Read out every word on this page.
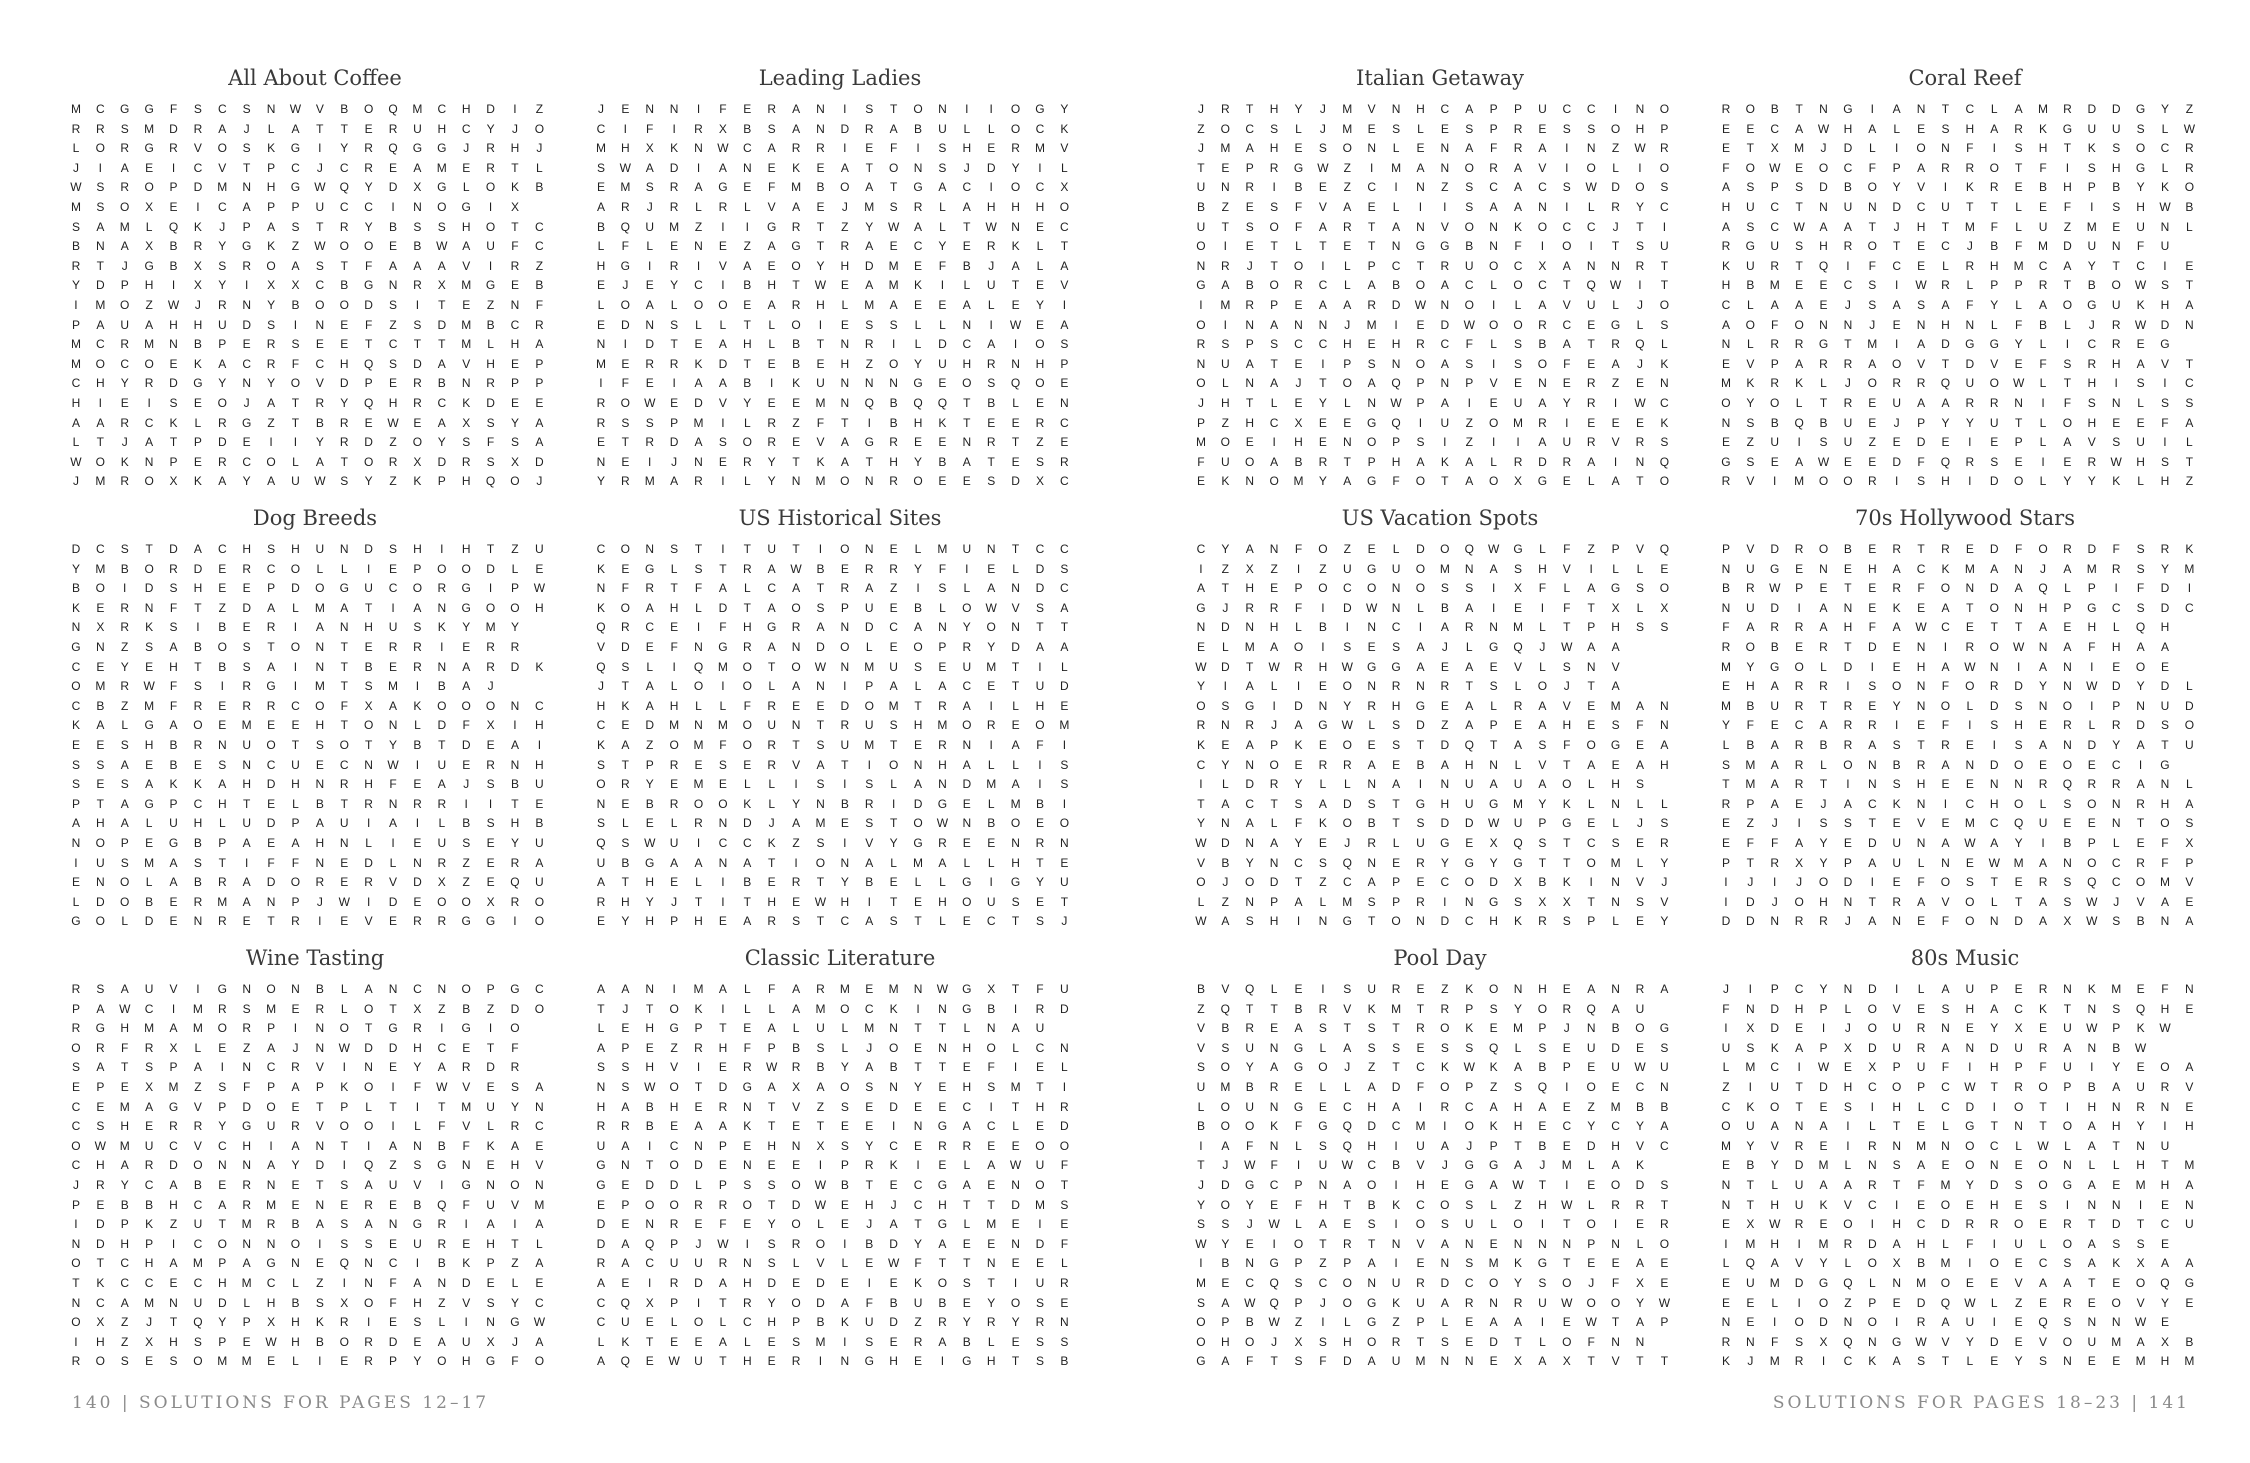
All About Coffee
M	C	G	G	F	S	C	S	N	W	V	B	O	Q	M	C	H	D	I	Z
R	R	S	M	D	R	A	J	L	A	T	T	E	R	U	H	C	Y	J	O
L	O	R	G	R	V	O	S	K	G	I	Y	R	Q	G	G	J	R	H	J
J	I	A	E	I	C	V	T	P	C	J	C	R	E	A	M	E	R	T	L
W	S	R	O	P	D	M	N	H	G	W	Q	Y	D	X	G	L	O	K	B
M	S	O	X	E	I	C	A	P	P	U	C	C	I	N	O	G	I	X
S	A	M	L	Q	K	J	P	A	S	T	R	Y	B	S	S	H	O	T	C
B	N	A	X	B	R	Y	G	K	Z	W	O	O	E	B	W	A	U	F	C
R	T	J	G	B	X	S	R	O	A	S	T	F	A	A	A	V	I	R	Z
Y	D	P	H	I	X	Y	I	X	X	C	B	G	N	R	X	M	G	E	B
I	M	O	Z	W	J	R	N	Y	B	O	O	D	S	I	T	E	Z	N	F
P	A	U	A	H	H	U	D	S	I	N	E	F	Z	S	D	M	B	C	R
M	C	R	M	N	B	P	E	R	S	E	E	T	C	T	T	M	L	H	A
M	O	C	O	E	K	A	C	R	F	C	H	Q	S	D	A	V	H	E	P
C	H	Y	R	D	G	Y	N	Y	O	V	D	P	E	R	B	N	R	P	P
H	I	E	I	S	E	O	J	A	T	R	Y	Q	H	R	C	K	D	E	E
A	A	R	C	K	L	R	G	Z	T	B	R	E	W	E	A	X	S	Y	A
L	T	J	A	T	P	D	E	I	I	Y	R	D	Z	O	Y	S	F	S	A
W	O	K	N	P	E	R	C	O	L	A	T	O	R	X	D	R	S	X	D
J	M	R	O	X	K	A	Y	A	U	W	S	Y	Z	K	P	H	Q	O	J
Leading Ladies
J	E	N	N	I	F	E	R	A	N	I	S	T	O	N	I	I	O	G	Y
C	I	F	I	R	X	B	S	A	N	D	R	A	B	U	L	L	O	C	K
M	H	X	K	N	W	C	A	R	R	I	E	F	I	S	H	E	R	M	V
S	W	A	D	I	A	N	E	K	E	A	T	O	N	S	J	D	Y	I	L
E	M	S	R	A	G	E	F	M	B	O	A	T	G	A	C	I	O	C	X
A	R	J	R	L	R	L	V	A	E	J	M	S	R	L	A	H	H	H	O
B	Q	U	M	Z	I	I	G	R	T	Z	Y	W	A	L	T	W	N	E	C
L	F	L	E	N	E	Z	A	G	T	R	A	E	C	Y	E	R	K	L	T
H	G	I	R	I	V	A	E	O	Y	H	D	M	E	F	B	J	A	L	A
E	J	E	Y	C	I	B	H	T	W	E	A	M	K	I	L	U	T	E	V
L	O	A	L	O	O	E	A	R	H	L	M	A	E	E	A	L	E	Y	I
E	D	N	S	L	L	T	L	O	I	E	S	S	L	L	N	I	W	E	A
N	I	D	T	E	A	H	L	B	T	N	R	I	L	D	C	A	I	O	S
M	E	R	R	K	D	T	E	B	E	H	Z	O	Y	U	H	R	N	H	P
I	F	E	I	A	A	B	I	K	U	N	N	N	G	E	O	S	Q	O	E
R	O	W	E	D	V	Y	E	E	M	N	Q	B	Q	Q	T	B	L	E	N
R	S	S	P	M	I	L	R	Z	F	T	I	B	H	K	T	E	E	R	C
E	T	R	D	A	S	O	R	E	V	A	G	R	E	E	N	R	T	Z	E
N	E	I	J	N	E	R	Y	T	K	A	T	H	Y	B	A	T	E	S	R
Y	R	M	A	R	I	L	Y	N	M	O	N	R	O	E	E	S	D	X	C
Dog Breeds
D	C	S	T	D	A	C	H	S	H	U	N	D	S	H	I	H	T	Z	U
Y	M	B	O	R	D	E	R	C	O	L	L	I	E	P	O	O	D	L	E
B	O	I	D	S	H	E	E	P	D	O	G	U	C	O	R	G	I	P	W
K	E	R	N	F	T	Z	D	A	L	M	A	T	I	A	N	G	O	O	H
N	X	R	K	S	I	B	E	R	I	A	N	H	U	S	K	Y	M	Y
G	N	Z	S	A	B	O	S	T	O	N	T	E	R	R	I	E	R	R
C	E	Y	E	H	T	B	S	A	I	N	T	B	E	R	N	A	R	D	K
O	M	R	W	F	S	I	R	G	I	M	T	S	M	I	B	A	J
C	B	Z	M	F	R	E	R	R	C	O	F	X	A	K	O	O	O	N	C
K	A	L	G	A	O	E	M	E	E	H	T	O	N	L	D	F	X	I	H
E	E	S	H	B	R	N	U	O	T	S	O	T	Y	B	T	D	E	A	I
S	S	A	E	B	E	S	N	C	U	E	C	N	W	I	U	E	R	N	H
S	E	S	A	K	K	A	H	D	H	N	R	H	F	E	A	J	S	B	U
P	T	A	G	P	C	H	T	E	L	B	T	R	N	R	R	I	I	T	E
A	H	A	L	U	H	L	U	D	P	A	U	I	A	I	L	B	S	H	B
N	O	P	E	G	B	P	A	E	A	H	N	L	I	E	U	S	E	Y	U
I	U	S	M	A	S	T	I	F	F	N	E	D	L	N	R	Z	E	R	A
E	N	O	L	A	B	R	A	D	O	R	E	R	V	D	X	Z	E	Q	U
L	D	O	B	E	R	M	A	N	P	J	W	I	D	E	O	O	X	R	O
G	O	L	D	E	N	R	E	T	R	I	E	V	E	R	R	G	G	I	O
US Historical Sites
C	O	N	S	T	I	T	U	T	I	O	N	E	L	M	U	N	T	C	C
K	E	G	L	S	T	R	A	W	B	E	R	R	Y	F	I	E	L	D	S
N	F	R	T	F	A	L	C	A	T	R	A	Z	I	S	L	A	N	D	C
K	O	A	H	L	D	T	A	O	S	P	U	E	B	L	O	W	V	S	A
Q	R	C	E	I	F	H	G	R	A	N	D	C	A	N	Y	O	N	T	T
V	D	E	F	N	G	R	A	N	D	O	L	E	O	P	R	Y	D	A	A
Q	S	L	I	Q	M	O	T	O	W	N	M	U	S	E	U	M	T	I	L
J	T	A	L	O	I	O	L	A	N	I	P	A	L	A	C	E	T	U	D
H	K	A	H	L	L	F	R	E	E	D	O	M	T	R	A	I	L	H	E
C	E	D	M	N	M	O	U	N	T	R	U	S	H	M	O	R	E	O	M
K	A	Z	O	M	F	O	R	T	S	U	M	T	E	R	N	I	A	F	I
S	T	P	R	E	S	E	R	V	A	T	I	O	N	H	A	L	L	I	S
O	R	Y	E	M	E	L	L	I	S	I	S	L	A	N	D	M	A	I	S
N	E	B	R	O	O	K	L	Y	N	B	R	I	D	G	E	L	M	B	I
S	L	E	L	R	N	D	J	A	M	E	S	T	O	W	N	B	O	E	O
Q	S	W	U	I	C	C	K	Z	S	I	V	Y	G	R	E	E	N	R	N
U	B	G	A	A	N	A	T	I	O	N	A	L	M	A	L	L	H	T	E
A	T	H	E	L	I	B	E	R	T	Y	B	E	L	L	G	I	G	Y	U
R	H	Y	J	T	I	T	H	E	W	H	I	T	E	H	O	U	S	E	T
E	Y	H	P	H	E	A	R	S	T	C	A	S	T	L	E	C	T	S	J
Wine Tasting
R	S	A	U	V	I	G	N	O	N	B	L	A	N	C	N	O	P	G	C
P	A	W	C	I	M	R	S	M	E	R	L	O	T	X	Z	B	Z	D	O
R	G	H	M	A	M	O	R	P	I	N	O	T	G	R	I	G	I	O
O	R	F	R	X	L	E	Z	A	J	N	W	D	D	H	C	E	T	F
S	A	T	S	P	A	I	N	C	R	V	I	N	E	Y	A	R	D	R
E	P	E	X	M	Z	S	F	P	A	P	K	O	I	F	W	V	E	S	A
C	E	M	A	G	V	P	D	O	E	T	P	L	T	I	T	M	U	Y	N
C	S	H	E	R	R	Y	G	U	R	V	O	O	I	L	F	V	L	R	C
O	W	M	U	C	V	C	H	I	A	N	T	I	A	N	B	F	K	A	E
C	H	A	R	D	O	N	N	A	Y	D	I	Q	Z	S	G	N	E	H	V
J	R	Y	C	A	B	E	R	N	E	T	S	A	U	V	I	G	N	O	N
P	E	B	B	H	C	A	R	M	E	N	E	R	E	B	Q	F	U	V	M
I	D	P	K	Z	U	T	M	R	B	A	S	A	N	G	R	I	A	I	A
N	D	H	P	I	C	O	N	N	O	I	S	S	E	U	R	E	H	T	L
O	T	C	H	A	M	P	A	G	N	E	Q	N	C	I	B	K	P	Z	A
T	K	C	C	E	C	H	M	C	L	Z	I	N	F	A	N	D	E	L	E
N	C	A	M	N	U	D	L	H	B	S	X	O	F	H	Z	V	S	Y	C
O	X	Z	J	T	Q	Y	P	X	H	K	R	I	E	S	L	I	N	G	W
I	H	Z	X	H	S	P	E	W	H	B	O	R	D	E	A	U	X	J	A
R	O	S	E	S	O	M	M	E	L	I	E	R	P	Y	O	H	G	F	O
Classic Literature
A	A	N	I	M	A	L	F	A	R	M	E	M	N	W	G	X	T	F	U
T	J	T	O	K	I	L	L	A	M	O	C	K	I	N	G	B	I	R	D
L	E	H	G	P	T	E	A	L	U	L	M	N	T	T	L	N	A	U
A	P	E	Z	R	H	F	P	B	S	L	J	O	E	N	H	O	L	C	N
S	S	H	V	I	E	R	W	R	B	Y	A	B	T	T	E	F	I	E	L
N	S	W	O	T	D	G	A	X	A	O	S	N	Y	E	H	S	M	T	I
H	A	B	H	E	R	N	T	V	Z	S	E	D	E	E	C	I	T	H	R
R	R	B	E	A	A	K	T	E	T	E	E	I	N	G	A	C	L	E	D
U	A	I	C	N	P	E	H	N	X	S	Y	C	E	R	R	E	E	O	O
G	N	T	O	D	E	N	E	E	I	P	R	K	I	E	L	A	W	U	F
G	E	D	D	L	P	S	S	O	W	B	T	E	C	G	A	E	N	O	T
E	P	O	O	R	R	O	T	D	W	E	H	J	C	H	T	T	D	M	S
D	E	N	R	E	F	E	Y	O	L	E	J	A	T	G	L	M	E	I	E
D	A	Q	P	J	W	I	S	R	O	I	B	D	Y	A	E	E	N	D	F
R	A	C	U	U	R	N	S	L	V	L	E	W	F	T	T	N	E	E	L
A	E	I	R	D	A	H	D	E	D	E	I	E	K	O	S	T	I	U	R
C	Q	X	P	I	T	R	Y	O	D	A	F	B	U	B	E	Y	O	S	E
C	U	E	L	O	L	C	H	P	B	K	U	D	Z	R	Y	R	Y	R	N
L	K	T	E	E	A	L	E	S	M	I	S	E	R	A	B	L	E	S	S
A	Q	E	W	U	T	H	E	R	I	N	G	H	E	I	G	H	T	S	B
140 | SOLUTIONS FOR PAGES 12–17
Italian Getaway
J	R	T	H	Y	J	M	V	N	H	C	A	P	P	U	C	C	I	N	O
Z	O	C	S	L	J	M	E	S	L	E	S	P	R	E	S	S	O	H	P
J	M	A	H	E	S	O	N	L	E	N	A	F	R	A	I	N	Z	W	R
T	E	P	R	G	W	Z	I	M	A	N	O	R	A	V	I	O	L	I	O
U	N	R	I	B	E	Z	C	I	N	Z	S	C	A	C	S	W	D	O	S
B	Z	E	S	F	V	A	E	L	I	I	S	A	A	N	I	L	R	Y	C
U	T	S	O	F	A	R	T	A	N	V	O	N	K	O	C	C	J	T	I
O	I	E	T	L	T	E	T	N	G	G	B	N	F	I	O	I	T	S	U
N	R	J	T	O	I	L	P	C	T	R	U	O	C	X	A	N	N	R	T
G	A	B	O	R	C	L	A	B	O	A	C	L	O	C	T	Q	W	I	T
I	M	R	P	E	A	A	R	D	W	N	O	I	L	A	V	U	L	J	O
O	I	N	A	N	N	J	M	I	E	D	W	O	O	R	C	E	G	L	S
R	S	P	S	C	C	H	E	H	R	C	F	L	S	B	A	T	R	Q	L
N	U	A	T	E	I	P	S	N	O	A	S	I	S	O	F	E	A	J	K
O	L	N	A	J	T	O	A	Q	P	N	P	V	E	N	E	R	Z	E	N
J	H	T	L	E	Y	L	N	W	P	A	I	E	U	A	Y	R	I	W	C
P	Z	H	C	X	E	E	G	Q	I	U	Z	O	M	R	I	E	E	E	K
M	O	E	I	H	E	N	O	P	S	I	Z	I	I	A	U	R	V	R	S
F	U	O	A	B	R	T	P	H	A	K	A	L	R	D	R	A	I	N	Q
E	K	N	O	M	Y	A	G	F	O	T	A	O	X	G	E	L	A	T	O
Coral Reef
R	O	B	T	N	G	I	A	N	T	C	L	A	M	R	D	D	G	Y	Z
E	E	C	A	W	H	A	L	E	S	H	A	R	K	G	U	U	S	L	W
E	T	X	M	J	D	L	I	O	N	F	I	S	H	T	K	S	O	C	R
F	O	W	E	O	C	F	P	A	R	R	O	T	F	I	S	H	G	L	R
A	S	P	S	D	B	O	Y	V	I	K	R	E	B	H	P	B	Y	K	O
H	U	C	T	N	U	N	D	C	U	T	T	L	E	F	I	S	H	W	B
A	S	C	W	A	A	T	J	H	T	M	F	L	U	Z	M	E	U	N	L
R	G	U	S	H	R	O	T	E	C	J	B	F	M	D	U	N	F	U
K	U	R	T	Q	I	F	C	E	L	R	H	M	C	A	Y	T	C	I	E
H	B	M	E	E	C	S	I	W	R	L	P	P	R	T	B	O	W	S	T
C	L	A	A	E	J	S	A	S	A	F	Y	L	A	O	G	U	K	H	A
A	O	F	O	N	N	J	E	N	H	N	L	F	B	L	J	R	W	D	N
N	L	R	R	G	T	M	I	A	D	G	G	Y	L	I	C	R	E	G
E	V	P	A	R	R	A	O	V	T	D	V	E	F	S	R	H	A	V	T
M	K	R	K	L	J	O	R	R	Q	U	O	W	L	T	H	I	S	I	C
O	Y	O	L	T	R	E	U	A	A	R	R	N	I	F	S	N	L	S	S
N	S	B	Q	B	U	E	J	P	Y	Y	U	T	L	O	H	E	E	F	A
E	Z	U	I	S	U	Z	E	D	E	I	E	P	L	A	V	S	U	I	L
G	S	E	A	W	E	E	D	F	Q	R	S	E	I	E	R	W	H	S	T
R	V	I	M	O	O	R	I	S	H	I	D	O	L	Y	Y	K	L	H	Z
US Vacation Spots
C	Y	A	N	F	O	Z	E	L	D	O	Q	W	G	L	F	Z	P	V	Q
I	Z	X	Z	I	Z	U	G	U	O	M	N	A	S	H	V	I	L	L	E
A	T	H	E	P	O	C	O	N	O	S	S	I	X	F	L	A	G	S	O
G	J	R	R	F	I	D	W	N	L	B	A	I	E	I	F	T	X	L	X
N	D	N	H	L	B	I	N	C	I	A	R	N	M	L	T	P	H	S	S
E	L	M	A	O	I	S	E	S	A	J	L	G	Q	J	W	A	A
W	D	T	W	R	H	W	G	G	A	E	A	E	V	L	S	N	V
Y	I	A	L	I	E	O	N	R	N	R	T	S	L	O	J	T	A
O	S	G	I	D	N	Y	R	H	G	E	A	L	R	A	V	E	M	A	N
R	N	R	J	A	G	W	L	S	D	Z	A	P	E	A	H	E	S	F	N
K	E	A	P	K	E	O	E	S	T	D	Q	T	A	S	F	O	G	E	A
C	Y	N	O	E	R	R	A	E	B	A	H	N	L	V	T	A	E	A	H
I	L	D	R	Y	L	L	N	A	I	N	U	A	U	A	O	L	H	S
T	A	C	T	S	A	D	S	T	G	H	U	G	M	Y	K	L	N	L	L
Y	N	A	L	F	K	O	B	T	S	D	D	W	U	P	G	E	L	J	S
W	D	N	A	Y	E	J	R	L	U	G	E	X	Q	S	T	C	S	E	R
V	B	Y	N	C	S	Q	N	E	R	Y	G	Y	G	T	T	O	M	L	Y
O	J	O	D	T	Z	C	A	P	E	C	O	D	X	B	K	I	N	V	J
L	Z	N	P	A	L	M	S	P	R	I	N	G	S	X	X	T	N	S	V
W	A	S	H	I	N	G	T	O	N	D	C	H	K	R	S	P	L	E	Y
70s Hollywood Stars
P	V	D	R	O	B	E	R	T	R	E	D	F	O	R	D	F	S	R	K
N	U	G	E	N	E	H	A	C	K	M	A	N	J	A	M	R	S	Y	M
B	R	W	P	E	T	E	R	F	O	N	D	A	Q	L	P	I	F	D	I
N	U	D	I	A	N	E	K	E	A	T	O	N	H	P	G	C	S	D	C
F	A	R	R	A	H	F	A	W	C	E	T	T	A	E	H	L	Q	H
R	O	B	E	R	T	D	E	N	I	R	O	W	N	A	F	H	A	A
M	Y	G	O	L	D	I	E	H	A	W	N	I	A	N	I	E	O	E
E	H	A	R	R	I	S	O	N	F	O	R	D	Y	N	W	D	Y	D	L
M	B	U	R	T	R	E	Y	N	O	L	D	S	N	O	I	P	N	U	D
Y	F	E	C	A	R	R	I	E	F	I	S	H	E	R	L	R	D	S	O
L	B	A	R	B	R	A	S	T	R	E	I	S	A	N	D	Y	A	T	U
S	M	A	R	L	O	N	B	R	A	N	D	O	E	O	E	C	I	G
T	M	A	R	T	I	N	S	H	E	E	N	N	R	Q	R	R	A	N	L
R	P	A	E	J	A	C	K	N	I	C	H	O	L	S	O	N	R	H	A
E	Z	J	I	S	S	T	E	V	E	M	C	Q	U	E	E	N	T	O	S
E	F	F	A	Y	E	D	U	N	A	W	A	Y	I	B	P	L	E	F	X
P	T	R	X	Y	P	A	U	L	N	E	W	M	A	N	O	C	R	F	P
I	J	I	J	O	D	I	E	F	O	S	T	E	R	S	Q	C	O	M	V
I	D	J	O	H	N	T	R	A	V	O	L	T	A	S	W	J	V	A	E
D	D	N	R	R	J	A	N	E	F	O	N	D	A	X	W	S	B	N	A
Pool Day
B	V	Q	L	E	I	S	U	R	E	Z	K	O	N	H	E	A	N	R	A
Z	Q	T	T	B	R	V	K	M	T	R	P	S	Y	O	R	Q	A	U
V	B	R	E	A	S	T	S	T	R	O	K	E	M	P	J	N	B	O	G
V	S	U	N	G	L	A	S	S	E	S	S	Q	L	S	E	U	D	E	S
S	O	Y	A	G	O	J	Z	T	C	K	W	K	A	B	P	E	U	W	U
U	M	B	R	E	L	L	A	D	F	O	P	Z	S	Q	I	O	E	C	N
L	O	U	N	G	E	C	H	A	I	R	C	A	H	A	E	Z	M	B	B
B	O	O	K	F	G	Q	D	C	M	I	O	K	H	E	C	Y	C	Y	A
I	A	F	N	L	S	Q	H	I	U	A	J	P	T	B	E	D	H	V	C
T	J	W	F	I	U	W	C	B	V	J	G	G	A	J	M	L	A	K
J	D	G	C	P	N	A	O	I	H	E	G	A	W	T	I	E	O	D	S
Y	O	Y	E	F	H	T	B	K	C	O	S	L	Z	H	W	L	R	R	T
S	S	J	W	L	A	E	S	I	O	S	U	L	O	I	T	O	I	E	R
W	Y	E	I	O	T	R	T	N	V	A	N	E	N	N	N	P	N	L	O
I	B	N	G	P	Z	P	A	I	E	N	S	M	K	G	T	E	E	A	E
M	E	C	Q	S	C	O	N	U	R	D	C	O	Y	S	O	J	F	X	E
S	A	W	Q	P	J	O	G	K	U	A	R	N	R	U	W	O	O	Y	W
O	P	B	W	Z	I	L	G	Z	P	L	E	A	A	I	E	W	T	A	P
O	H	O	J	X	S	H	O	R	T	S	E	D	T	L	O	F	N	N
G	A	F	T	S	F	D	A	U	M	N	N	E	X	A	X	T	V	T	T
80s Music
J	I	P	C	Y	N	D	I	L	A	U	P	E	R	N	K	M	E	F	N
F	N	D	H	P	L	O	V	E	S	H	A	C	K	T	N	S	Q	H	E
I	X	D	E	I	J	O	U	R	N	E	Y	X	E	U	W	P	K	W
U	S	K	A	P	X	D	U	R	A	N	D	U	R	A	N	B	W
L	M	C	I	W	E	X	P	U	F	I	H	P	F	U	I	Y	E	O	A
Z	I	U	T	D	H	C	O	P	C	W	T	R	O	P	B	A	U	R	V
C	K	O	T	E	S	I	H	L	C	D	I	O	T	I	H	N	R	N	E
O	U	A	N	A	I	L	T	E	L	G	T	N	T	O	A	H	Y	I	H
M	Y	V	R	E	I	R	N	M	N	O	C	L	W	L	A	T	N	U
E	B	Y	D	M	L	N	S	A	E	O	N	E	O	N	L	L	H	T	M
N	T	L	U	A	A	R	T	F	M	Y	D	S	O	G	A	E	M	H	A
N	T	H	U	K	V	C	I	E	O	E	H	E	S	I	N	N	I	E	N
E	X	W	R	E	O	I	H	C	D	R	R	O	E	R	T	D	T	C	U
I	M	H	I	M	R	D	A	H	L	F	I	U	L	O	A	S	S	E
L	Q	A	V	Y	L	O	X	B	M	I	O	E	C	S	A	K	X	A	A
E	U	M	D	G	Q	L	N	M	O	E	E	V	A	A	T	E	O	Q	G
E	E	L	I	O	Z	P	E	D	Q	W	L	Z	E	R	E	O	V	Y	E
N	E	I	O	D	N	O	I	R	A	U	I	E	Q	S	N	N	W	E
R	N	F	S	X	Q	N	G	W	V	Y	D	E	V	O	U	M	A	X	B
K	J	M	R	I	C	K	A	S	T	L	E	Y	S	N	E	E	M	H	M
SOLUTIONS FOR PAGES 18–23 | 141
